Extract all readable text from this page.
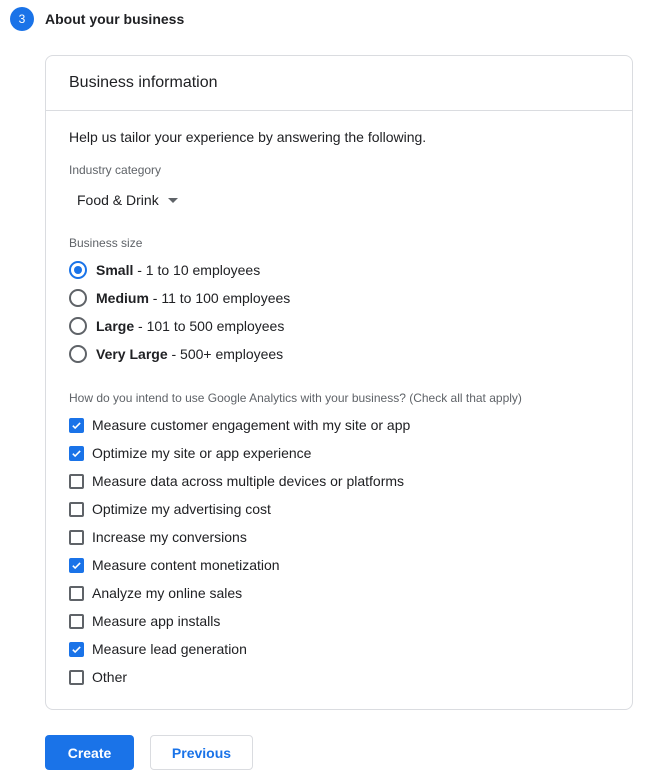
3	About your business
Business information
Help us tailor your experience by answering the following.
Industry category
Food & Drink
Business size
Small - 1 to 10 employees
Medium - 11 to 100 employees
Large - 101 to 500 employees
Very Large - 500+ employees
How do you intend to use Google Analytics with your business? (Check all that apply)
Measure customer engagement with my site or app
Optimize my site or app experience
Measure data across multiple devices or platforms
Optimize my advertising cost
Increase my conversions
Measure content monetization
Analyze my online sales
Measure app installs
Measure lead generation
Other
Create	Previous
